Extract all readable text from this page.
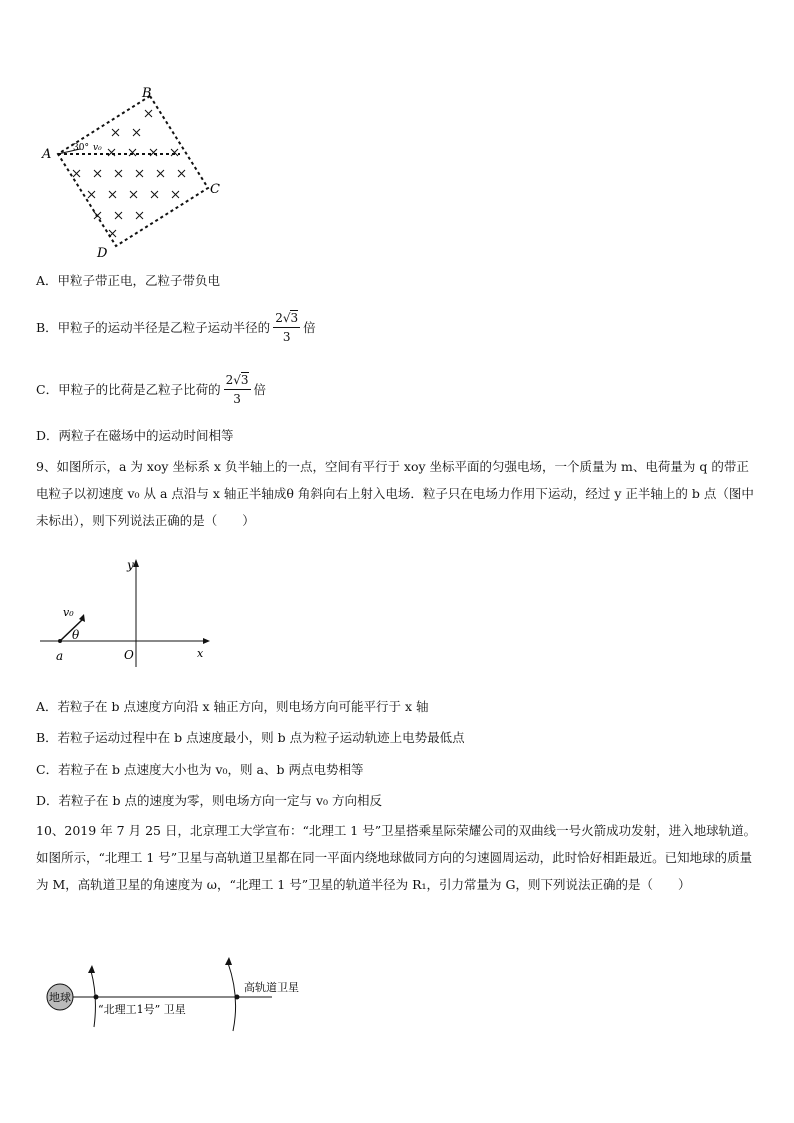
B
A
C
D
30° v₀
A．甲粒子带正电，乙粒子带负电
B．甲粒子的运动半径是乙粒子运动半径的 $\frac{2√3}{3}$ 倍
C．甲粒子的比荷是乙粒子比荷的 $\frac{2√3}{3}$ 倍
D．两粒子在磁场中的运动时间相等
9、如图所示，a 为 xoy 坐标系 x 负半轴上的一点，空间有平行于 xoy 坐标平面的匀强电场，一个质量为 m、电荷量为 q 的带正电粒子以初速度 v₀ 从 a 点沿与 x 轴正半轴成θ 角斜向右上射入电场．粒子只在电场力作用下运动，经过 y 正半轴上的 b 点（图中未标出），则下列说法正确的是（　　）
y
x
O
a
θ
v₀
A．若粒子在 b 点速度方向沿 x 轴正方向，则电场方向可能平行于 x 轴
B．若粒子运动过程中在 b 点速度最小，则 b 点为粒子运动轨迹上电势最低点
C．若粒子在 b 点速度大小也为 v₀，则 a、b 两点电势相等
D．若粒子在 b 点的速度为零，则电场方向一定与 v₀ 方向相反
10、2019 年 7 月 25 日，北京理工大学宣布：“北理工 1 号”卫星搭乘星际荣耀公司的双曲线一号火箭成功发射，进入地球轨道。如图所示，“北理工 1 号”卫星与高轨道卫星都在同一平面内绕地球做同方向的匀速圆周运动，此时恰好相距最近。已知地球的质量为 M，高轨道卫星的角速度为 ω，“北理工 1 号”卫星的轨道半径为 R₁，引力常量为 G，则下列说法正确的是（　　）
地球
“北理工1号” 卫星
高轨道卫星
